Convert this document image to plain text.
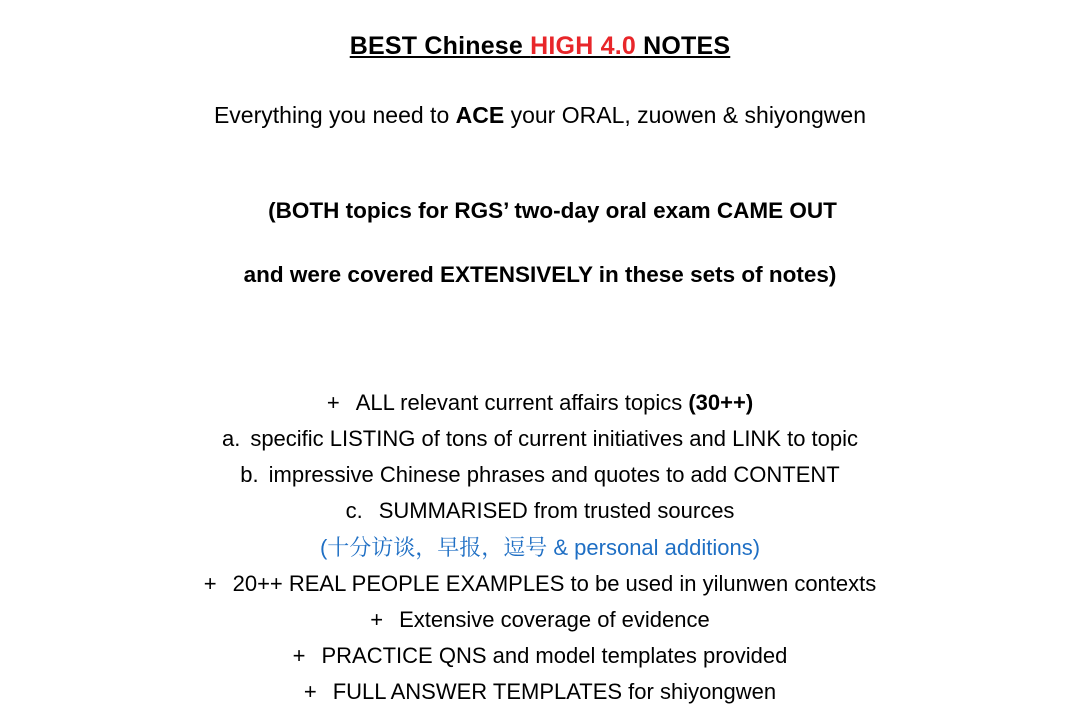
BEST Chinese HIGH 4.0 NOTES
Everything you need to ACE your ORAL, zuowen & shiyongwen

(BOTH topics for RGS’ two-day oral exam CAME OUT

and were covered EXTENSIVELY in these sets of notes)

+ ALL relevant current affairs topics (30++)
a. specific LISTING of tons of current initiatives and LINK to topic
b. impressive Chinese phrases and quotes to add CONTENT
c. SUMMARISED from trusted sources
(十分访谈，早报，逗号 & personal additions)
+ 20++ REAL PEOPLE EXAMPLES to be used in yilunwen contexts
+ Extensive coverage of evidence
+ PRACTICE QNS and model templates provided
+ FULL ANSWER TEMPLATES for shiyongwen
